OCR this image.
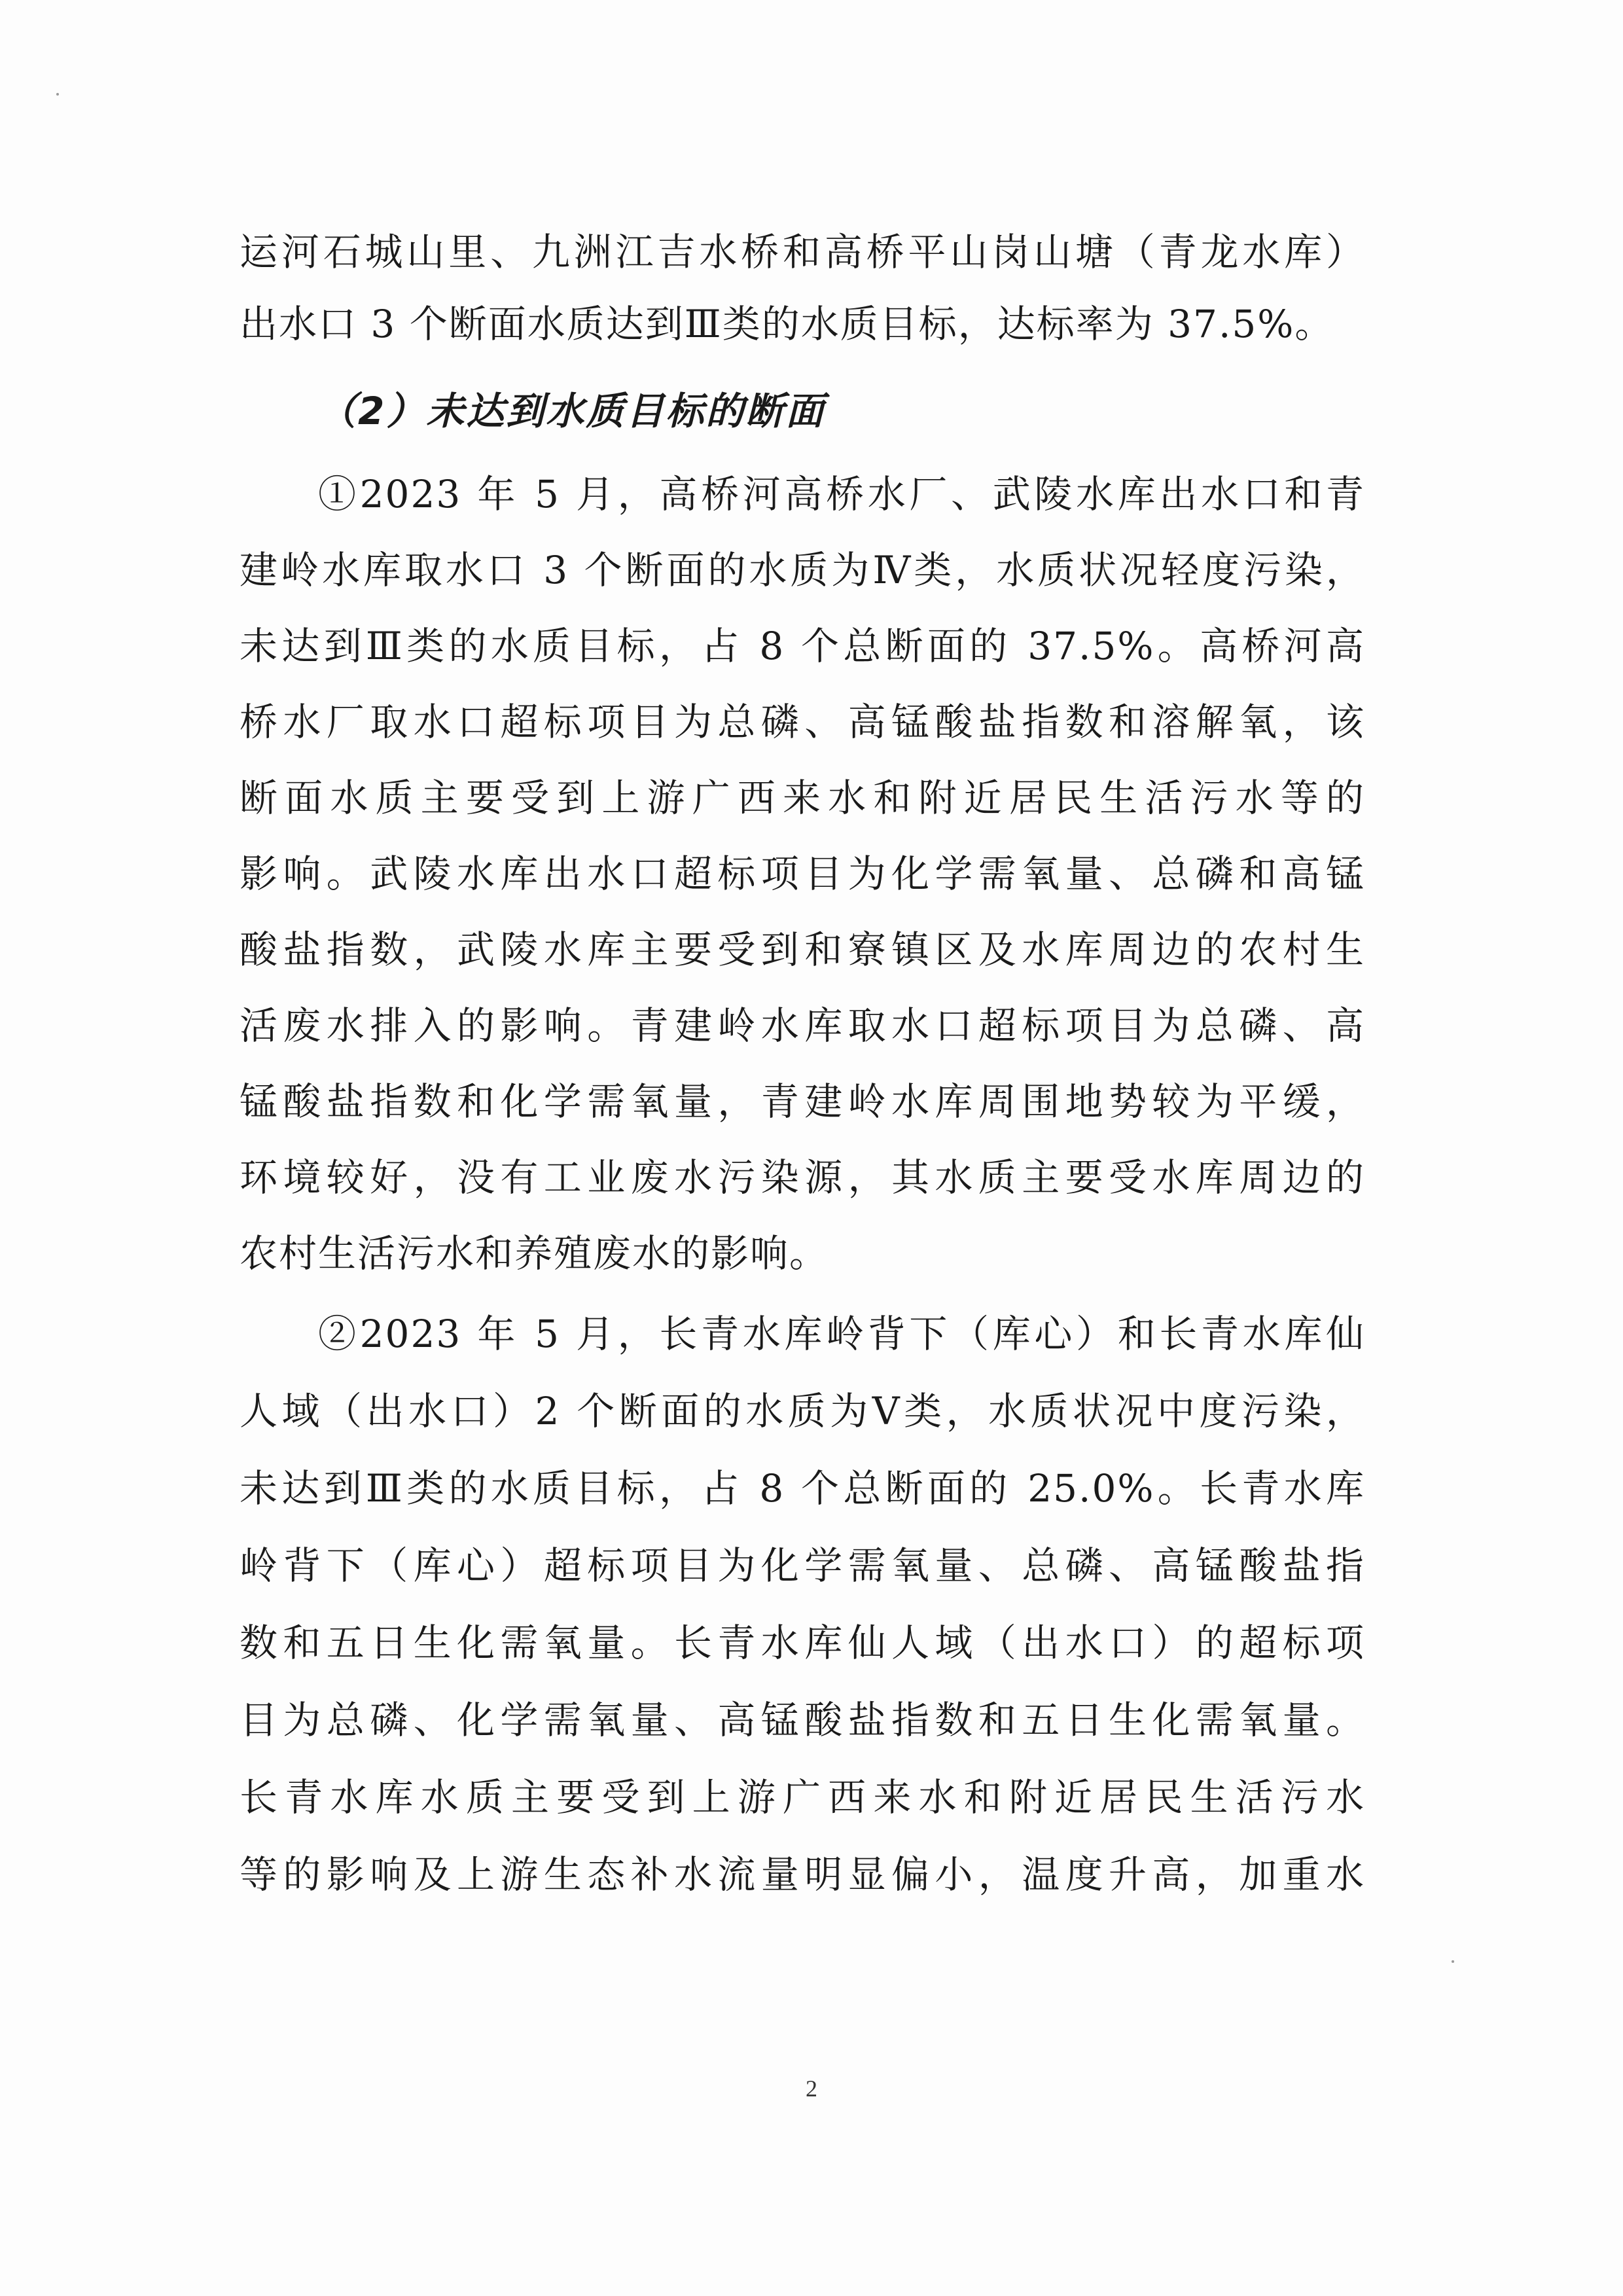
运河石城山里、九洲江吉水桥和高桥平山岗山塘（青龙水库）
出水口 3 个断面水质达到Ⅲ类的水质目标，达标率为 37.5%。
（2）未达到水质目标的断面
①2023 年 5 月，高桥河高桥水厂、武陵水库出水口和青
建岭水库取水口 3 个断面的水质为Ⅳ类，水质状况轻度污染，
未达到Ⅲ类的水质目标，占 8 个总断面的 37.5%。高桥河高
桥水厂取水口超标项目为总磷、高锰酸盐指数和溶解氧，该
断面水质主要受到上游广西来水和附近居民生活污水等的
影响。武陵水库出水口超标项目为化学需氧量、总磷和高锰
酸盐指数，武陵水库主要受到和寮镇区及水库周边的农村生
活废水排入的影响。青建岭水库取水口超标项目为总磷、高
锰酸盐指数和化学需氧量，青建岭水库周围地势较为平缓，
环境较好，没有工业废水污染源，其水质主要受水库周边的
农村生活污水和养殖废水的影响。
②2023 年 5 月，长青水库岭背下（库心）和长青水库仙
人域（出水口）2 个断面的水质为Ⅴ类，水质状况中度污染，
未达到Ⅲ类的水质目标，占 8 个总断面的 25.0%。长青水库
岭背下（库心）超标项目为化学需氧量、总磷、高锰酸盐指
数和五日生化需氧量。长青水库仙人域（出水口）的超标项
目为总磷、化学需氧量、高锰酸盐指数和五日生化需氧量。
长青水库水质主要受到上游广西来水和附近居民生活污水
等的影响及上游生态补水流量明显偏小，温度升高，加重水
2
